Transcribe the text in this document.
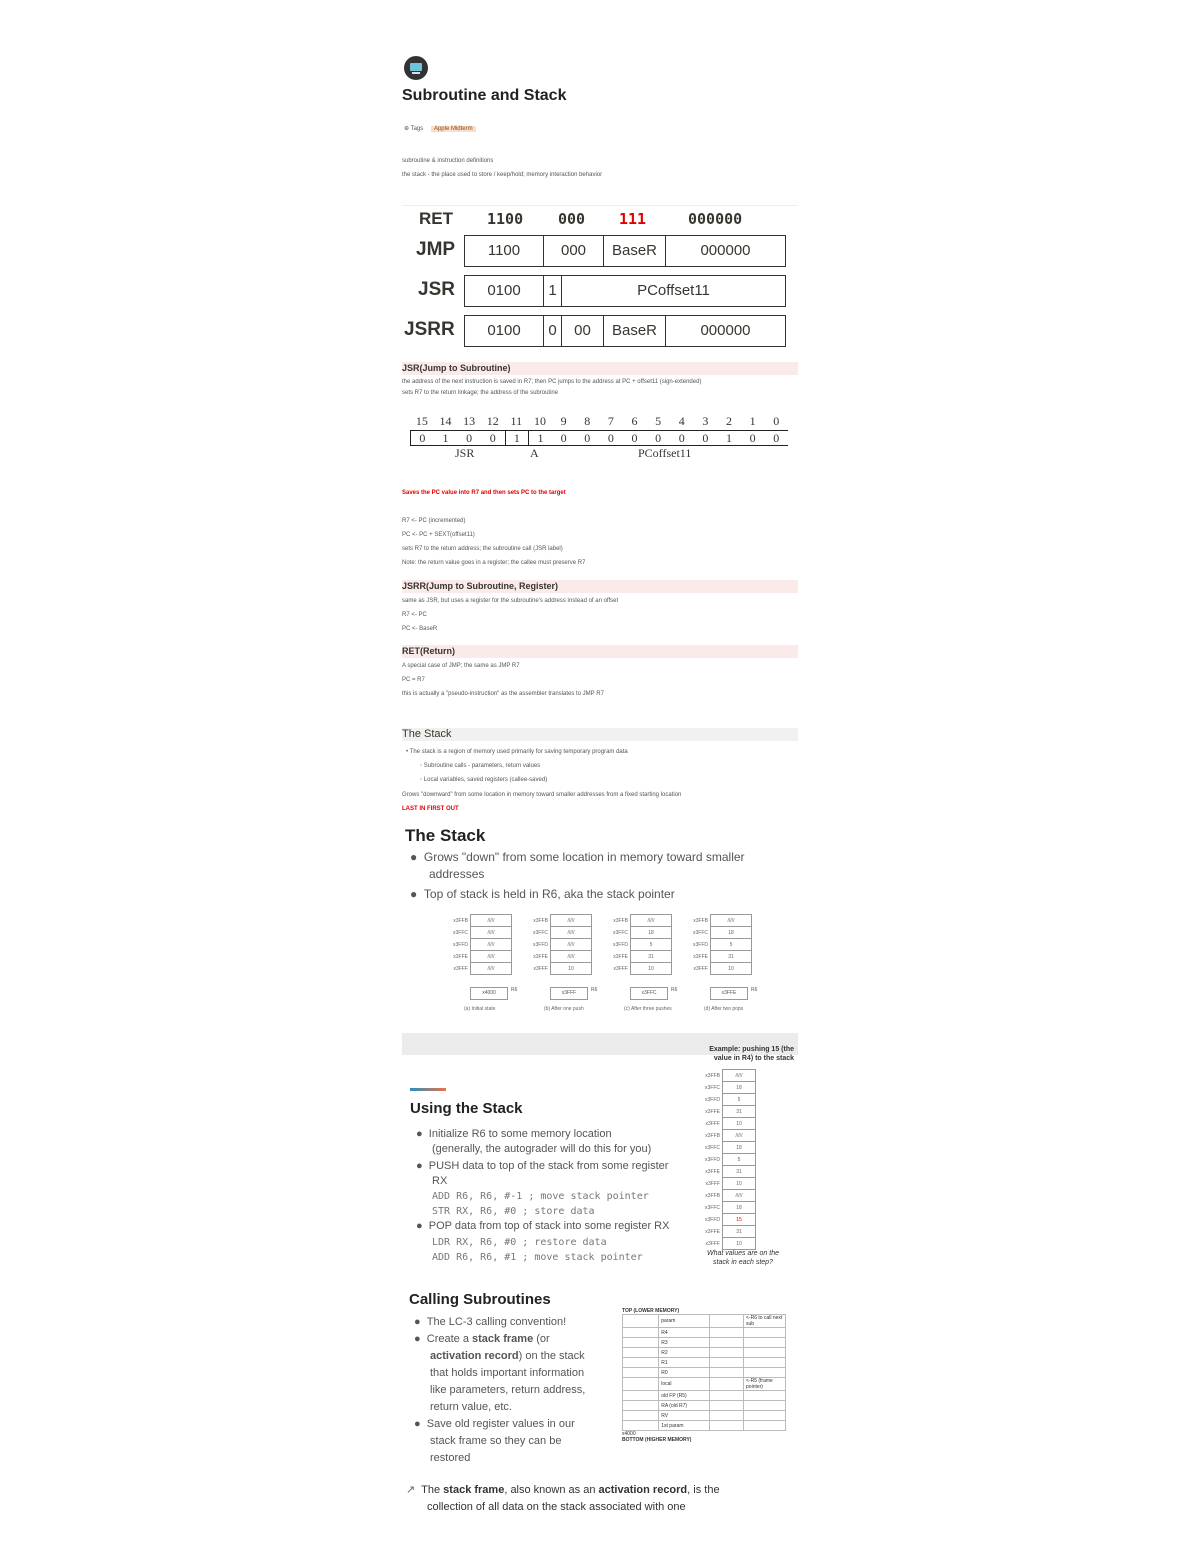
Subroutine and Stack
⊕ Tags Apple Midterm
subroutine & instruction definitions
the stack - the place used to store / keep/hold; memory interaction behavior
RET 1100 000 111	000000
JMP	1100	000	BaseR	000000
JSR	0100	1	PCoffset11
JSRR	0100	0	00	BaseR	000000
JSR(Jump to Subroutine)
the address of the next instruction is saved in R7; then PC jumps to the address at PC + offset11 (sign-extended)
sets R7 to the return linkage; the address of the subroutine
15 14 13 12 11 10	9	8	7	6	5	4	3	2	1	0
0	1	0	0	1	1	0	0	0	0	0	0	0	1	0	0
JSR	A	PCoffset11
Saves the PC value into R7 and then sets PC to the target
R7 <- PC (incremented)
PC <- PC + SEXT(offset11)
sets R7 to the return address; the subroutine call (JSR label)
Note: the return value goes in a register; the callee must preserve R7
JSRR(Jump to Subroutine, Register)
same as JSR, but uses a register for the subroutine's address instead of an offset
R7 <- PC
PC <- BaseR
RET(Return)
A special case of JMP; the same as JMP R7
PC = R7
this is actually a "pseudo-instruction" as the assembler translates to JMP R7
The Stack
• The stack is a region of memory used primarily for saving temporary program data
◦ Subroutine calls - parameters, return values
◦ Local variables, saved registers (callee-saved)
Grows "downward" from some location in memory toward smaller addresses from a fixed starting location
LAST IN FIRST OUT
The Stack
● Grows "down" from some location in memory toward smaller
addresses
● Top of stack is held in R6, aka the stack pointer
x3FFB	/////
x3FFC	/////
x3FFD	/////
x3FFE	/////
x3FFF	/////
x4000	R6
(a) Initial state
x3FFB	/////
x3FFC	/////
x3FFD	/////
x3FFE	/////
x3FFF	10
x3FFF	R6
(b) After one push
x3FFB	/////
x3FFC	18
x3FFD	5
x3FFE	31
x3FFF	10
x3FFC	R6
(c) After three pushes
x3FFB	/////
x3FFC	18
x3FFD	5
x3FFE	31
x3FFF	10
x3FFE	R6
(d) After two pops
Using the Stack
●  Initialize R6 to some memory location
(generally, the autograder will do this for you)
●  PUSH data to top of the stack from some register
RX
ADD R6, R6, #-1 ; move stack pointer
STR RX, R6, #0 ; store data
●  POP data from top of stack into some register RX
LDR RX, R6, #0 ; restore data
ADD R6, R6, #1 ; move stack pointer
Example: pushing 15 (the value in R4) to the stack
x3FFB	/////
x3FFC	18
x3FFD	5
x3FFE	31
x3FFF	10
x3FFB	/////
x3FFC	18
x3FFD	5
x3FFE	31
x3FFF	10
x3FFB	/////
x3FFC	18
x3FFD	15
x3FFE	31
x3FFF	10
What values are on the stack in each step?
Calling Subroutines
●  The LC-3 calling convention!
●  Create a stack frame (or
activation record) on the stack
that holds important information
like parameters, return address,
return value, etc.
●  Save old register values in our
stack frame so they can be
restored
TOP (LOWER MEMORY)
	param		<-R6 to call next sub
	R4		
	R3		
	R2		
	R1		
	R0		
	local		<-R5 (frame pointer)
	old FP (R5)		
	RA (old R7)		
	RV		
	1st param		
x4000
BOTTOM (HIGHER MEMORY)
↗ The stack frame, also known as an activation record, is the
collection of all data on the stack associated with one
